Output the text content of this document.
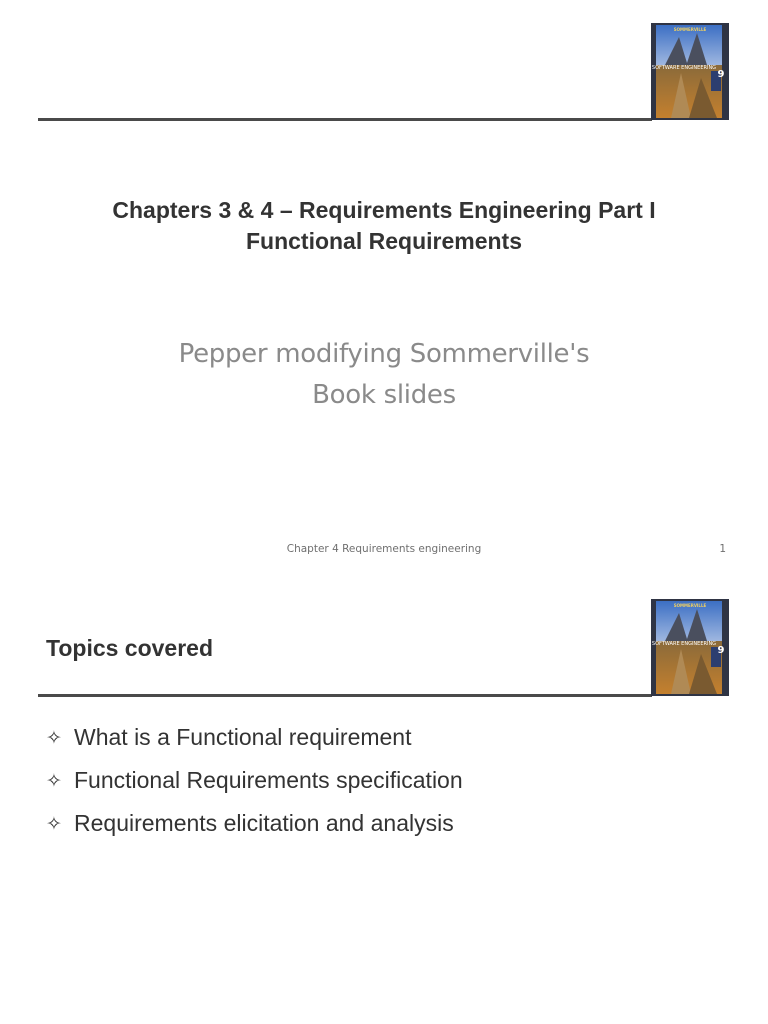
SOMMERVILLE
SOFTWARE ENGINEERING
9
Chapters 3 & 4 – Requirements Engineering Part I
Functional Requirements
Pepper modifying Sommerville's
Book slides
Chapter 4 Requirements engineering	1
SOMMERVILLE
SOFTWARE ENGINEERING
9
Topics covered
✧ What is a Functional requirement
✧ Functional Requirements specification
✧ Requirements elicitation and analysis
